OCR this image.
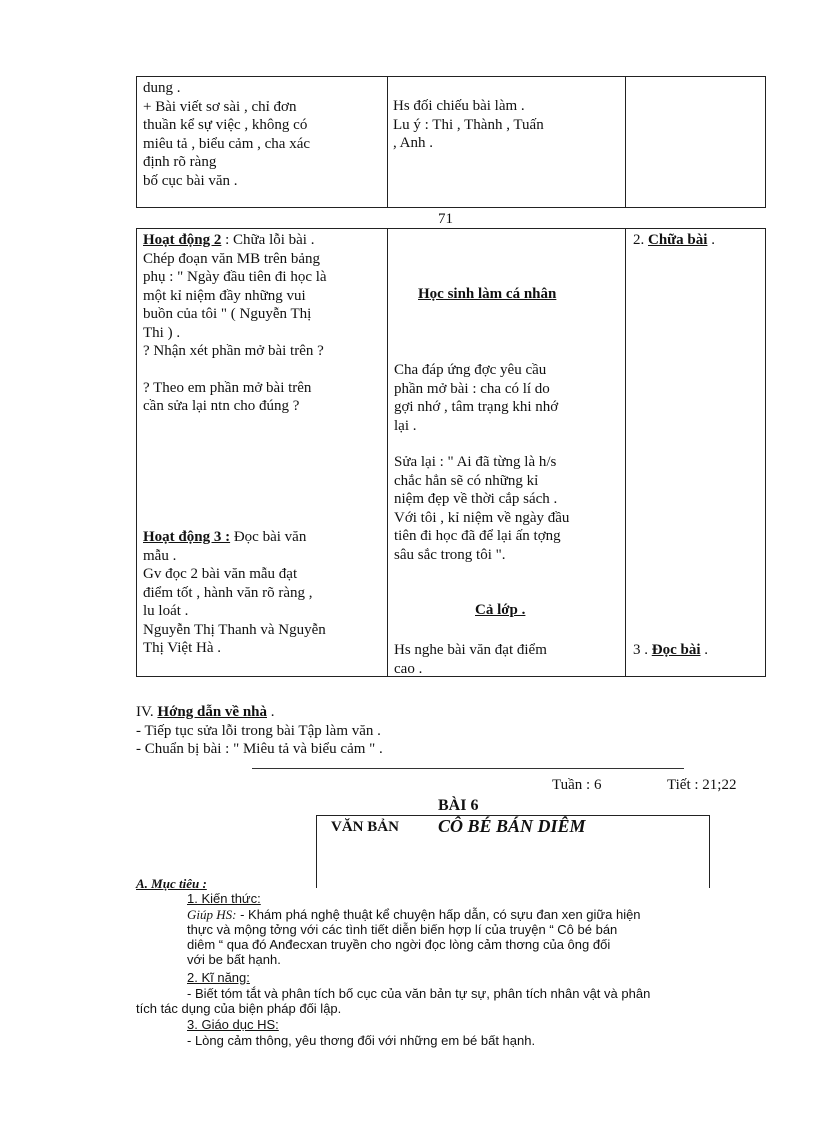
dung .

+ Bài viết sơ sài , chỉ đơn

thuần kể sự việc , không có

miêu tả , biểu cảm , cha xác

định rõ ràng

bố cục bài văn .

Hs đối chiếu bài làm .

Lu ý : Thi , Thành , Tuấn

, Anh .

71

Hoạt động 2 : Chữa lỗi bài .

Chép đoạn văn MB trên bảng

phụ : " Ngày đầu tiên đi học là

một kỉ niệm đầy những vui

buồn của tôi " ( Nguyễn Thị

Thi ) .

? Nhận xét phần mở bài trên ?

? Theo em phần mở bài trên

cần sửa lại ntn cho đúng ?

Hoạt động 3 : Đọc bài văn

mẫu .

Gv đọc 2 bài văn mẫu đạt

điểm tốt , hành văn rõ ràng ,

lu loát .

Nguyễn Thị Thanh và Nguyễn

Thị Việt Hà .

Học sinh làm cá nhân

Cha đáp ứng đợc yêu cầu

phần mở bài : cha có lí do

gợi nhớ , tâm trạng khi nhớ

lại .

Sửa lại : " Ai đã từng là h/s

chắc hẳn sẽ có những kỉ

niệm đẹp về thời cắp sách .

Với tôi , kỉ niệm về ngày đầu

tiên đi học đã để lại ấn tợng

sâu sắc trong tôi ".

Cả lớp .

Hs nghe bài văn đạt điểm

cao .

2. Chữa bài .
3 . Đọc bài .

IV. Hớng dẫn về nhà .

- Tiếp tục sửa lỗi trong bài Tập làm văn .

- Chuẩn bị bài : " Miêu tả và biểu cảm " .

Tuần : 6	Tiết : 21;22
BÀI 6
VĂN BẢN CÔ BÉ BÁN DIÊM
A. Mục tiêu :
1. Kiến thức:
Giúp HS: - Khám phá nghệ thuật kể chuyện hấp dẫn, có sựu đan xen giữa hiện
thực và mộng tởng với các tình tiết diễn biến hợp lí của truyện “ Cô bé bán
diêm “ qua đó Anđecxan truyền cho ngời đọc lòng cảm thơng của ông đối
với be bất hạnh.
2. Kĩ năng:
- Biết tóm tắt và phân tích bố cục của văn bản tự sự, phân tích nhân vật và phân
tích tác dụng của biện pháp đối lập.
3. Giáo dục HS:
- Lòng cảm thông, yêu thơng đối với những em bé bất hạnh.
